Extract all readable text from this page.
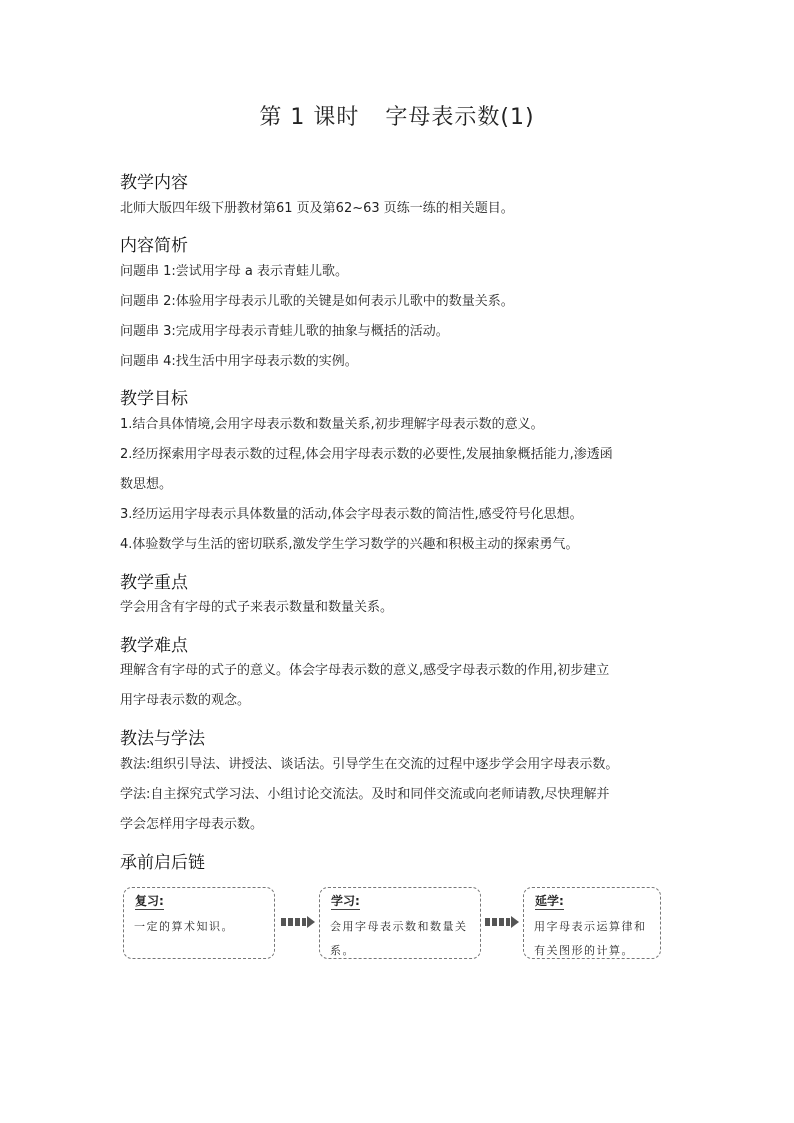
第 1 课时 字母表示数(1)
教学内容
北师大版四年级下册教材第61 页及第62~63 页练一练的相关题目。
内容简析
问题串 1:尝试用字母 a 表示青蛙儿歌。
问题串 2:体验用字母表示儿歌的关键是如何表示儿歌中的数量关系。
问题串 3:完成用字母表示青蛙儿歌的抽象与概括的活动。
问题串 4:找生活中用字母表示数的实例。
教学目标
1.结合具体情境,会用字母表示数和数量关系,初步理解字母表示数的意义。
2.经历探索用字母表示数的过程,体会用字母表示数的必要性,发展抽象概括能力,渗透函
数思想。
3.经历运用字母表示具体数量的活动,体会字母表示数的简洁性,感受符号化思想。
4.体验数学与生活的密切联系,激发学生学习数学的兴趣和积极主动的探索勇气。
教学重点
学会用含有字母的式子来表示数量和数量关系。
教学难点
理解含有字母的式子的意义。体会字母表示数的意义,感受字母表示数的作用,初步建立
用字母表示数的观念。
教法与学法
教法:组织引导法、讲授法、谈话法。引导学生在交流的过程中逐步学会用字母表示数。
学法:自主探究式学习法、小组讨论交流法。及时和同伴交流或向老师请教,尽快理解并
学会怎样用字母表示数。
承前启后链
复习:
一定的算术知识。
学习:
会用字母表示数和数量关系。
延学:
用字母表示运算律和有关图形的计算。
